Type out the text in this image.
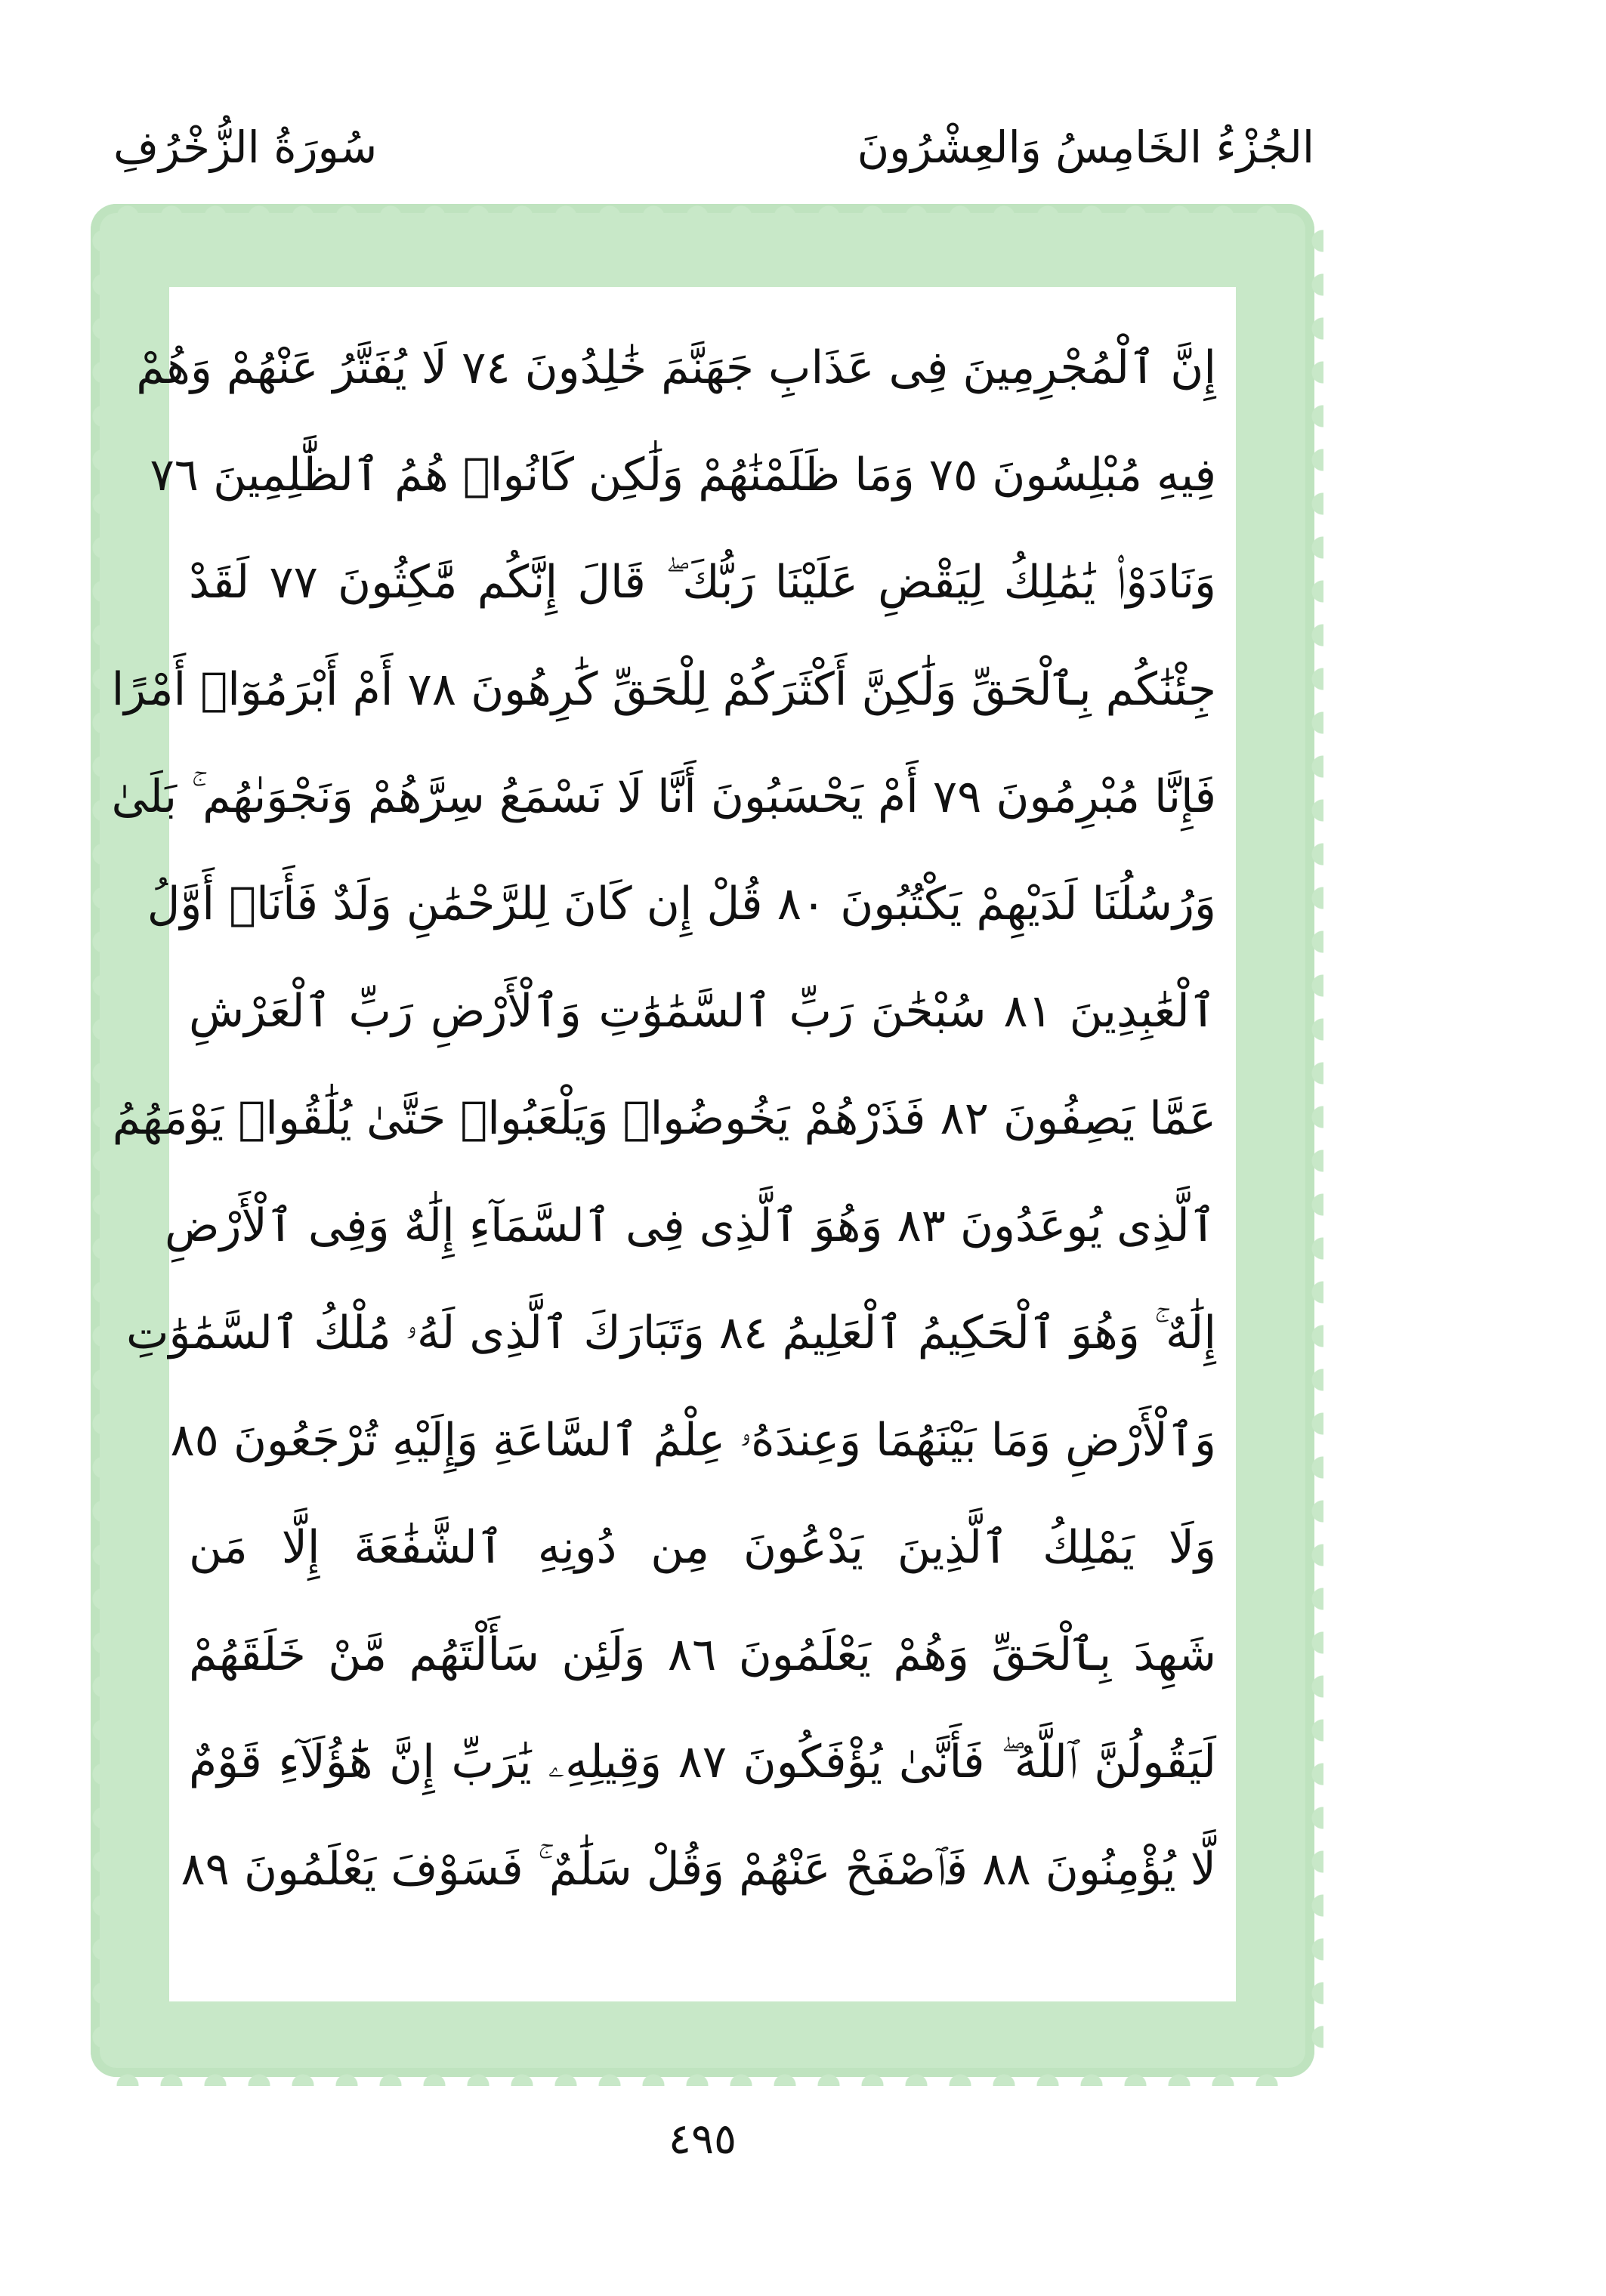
الجُزْءُ الخَامِسُ وَالعِشْرُونَ
سُورَةُ الزُّخْرُفِ
إِنَّ ٱلْمُجْرِمِينَ فِى عَذَابِ جَهَنَّمَ خَٰلِدُونَ ٧٤ لَا يُفَتَّرُ عَنْهُمْ وَهُمْ
فِيهِ مُبْلِسُونَ ٧٥ وَمَا ظَلَمْنَٰهُمْ وَلَٰكِن كَانُوا۟ هُمُ ٱلظَّٰلِمِينَ ٧٦
وَنَادَوْا۟ يَٰمَٰلِكُ لِيَقْضِ عَلَيْنَا رَبُّكَ ۖ قَالَ إِنَّكُم مَّٰكِثُونَ ٧٧ لَقَدْ
جِئْنَٰكُم بِٱلْحَقِّ وَلَٰكِنَّ أَكْثَرَكُمْ لِلْحَقِّ كَٰرِهُونَ ٧٨ أَمْ أَبْرَمُوٓا۟ أَمْرًا
فَإِنَّا مُبْرِمُونَ ٧٩ أَمْ يَحْسَبُونَ أَنَّا لَا نَسْمَعُ سِرَّهُمْ وَنَجْوَىٰهُم ۚ بَلَىٰ
وَرُسُلُنَا لَدَيْهِمْ يَكْتُبُونَ ٨٠ قُلْ إِن كَانَ لِلرَّحْمَٰنِ وَلَدٌ فَأَنَا۠ أَوَّلُ
ٱلْعَٰبِدِينَ ٨١ سُبْحَٰنَ رَبِّ ٱلسَّمَٰوَٰتِ وَٱلْأَرْضِ رَبِّ ٱلْعَرْشِ
عَمَّا يَصِفُونَ ٨٢ فَذَرْهُمْ يَخُوضُوا۟ وَيَلْعَبُوا۟ حَتَّىٰ يُلَٰقُوا۟ يَوْمَهُمُ
ٱلَّذِى يُوعَدُونَ ٨٣ وَهُوَ ٱلَّذِى فِى ٱلسَّمَآءِ إِلَٰهٌ وَفِى ٱلْأَرْضِ
إِلَٰهٌ ۚ وَهُوَ ٱلْحَكِيمُ ٱلْعَلِيمُ ٨٤ وَتَبَارَكَ ٱلَّذِى لَهُۥ مُلْكُ ٱلسَّمَٰوَٰتِ
وَٱلْأَرْضِ وَمَا بَيْنَهُمَا وَعِندَهُۥ عِلْمُ ٱلسَّاعَةِ وَإِلَيْهِ تُرْجَعُونَ ٨٥
وَلَا يَمْلِكُ ٱلَّذِينَ يَدْعُونَ مِن دُونِهِ ٱلشَّفَٰعَةَ إِلَّا مَن
شَهِدَ بِٱلْحَقِّ وَهُمْ يَعْلَمُونَ ٨٦ وَلَئِن سَأَلْتَهُم مَّنْ خَلَقَهُمْ
لَيَقُولُنَّ ٱللَّهُ ۖ فَأَنَّىٰ يُؤْفَكُونَ ٨٧ وَقِيلِهِۦ يَٰرَبِّ إِنَّ هَٰٓؤُلَآءِ قَوْمٌ
لَّا يُؤْمِنُونَ ٨٨ فَٱصْفَحْ عَنْهُمْ وَقُلْ سَلَٰمٌ ۚ فَسَوْفَ يَعْلَمُونَ ٨٩
٤٩٥
